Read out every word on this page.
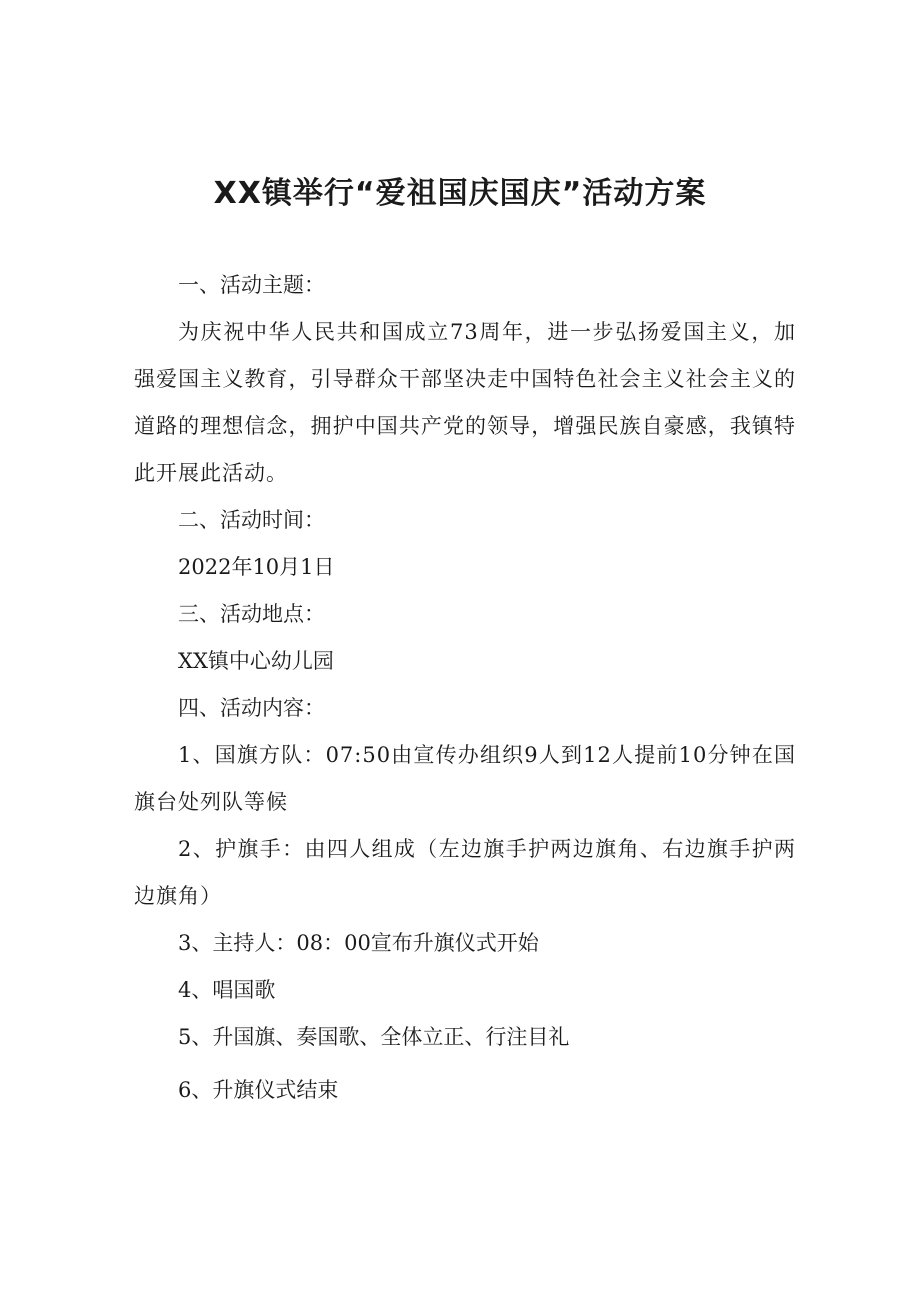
XX镇举行“爱祖国庆国庆”活动方案

一、活动主题：

为庆祝中华人民共和国成立73周年，进一步弘扬爱国主义，加强爱国主义教育，引导群众干部坚决走中国特色社会主义社会主义的道路的理想信念，拥护中国共产党的领导，增强民族自豪感，我镇特此开展此活动。

二、活动时间：

2022年10月1日

三、活动地点：

XX镇中心幼儿园

四、活动内容：

1、国旗方队：07:50由宣传办组织9人到12人提前10分钟在国旗台处列队等候

2、护旗手：由四人组成（左边旗手护两边旗角、右边旗手护两边旗角）

3、主持人：08：00宣布升旗仪式开始

4、唱国歌

5、升国旗、奏国歌、全体立正、行注目礼

6、升旗仪式结束
